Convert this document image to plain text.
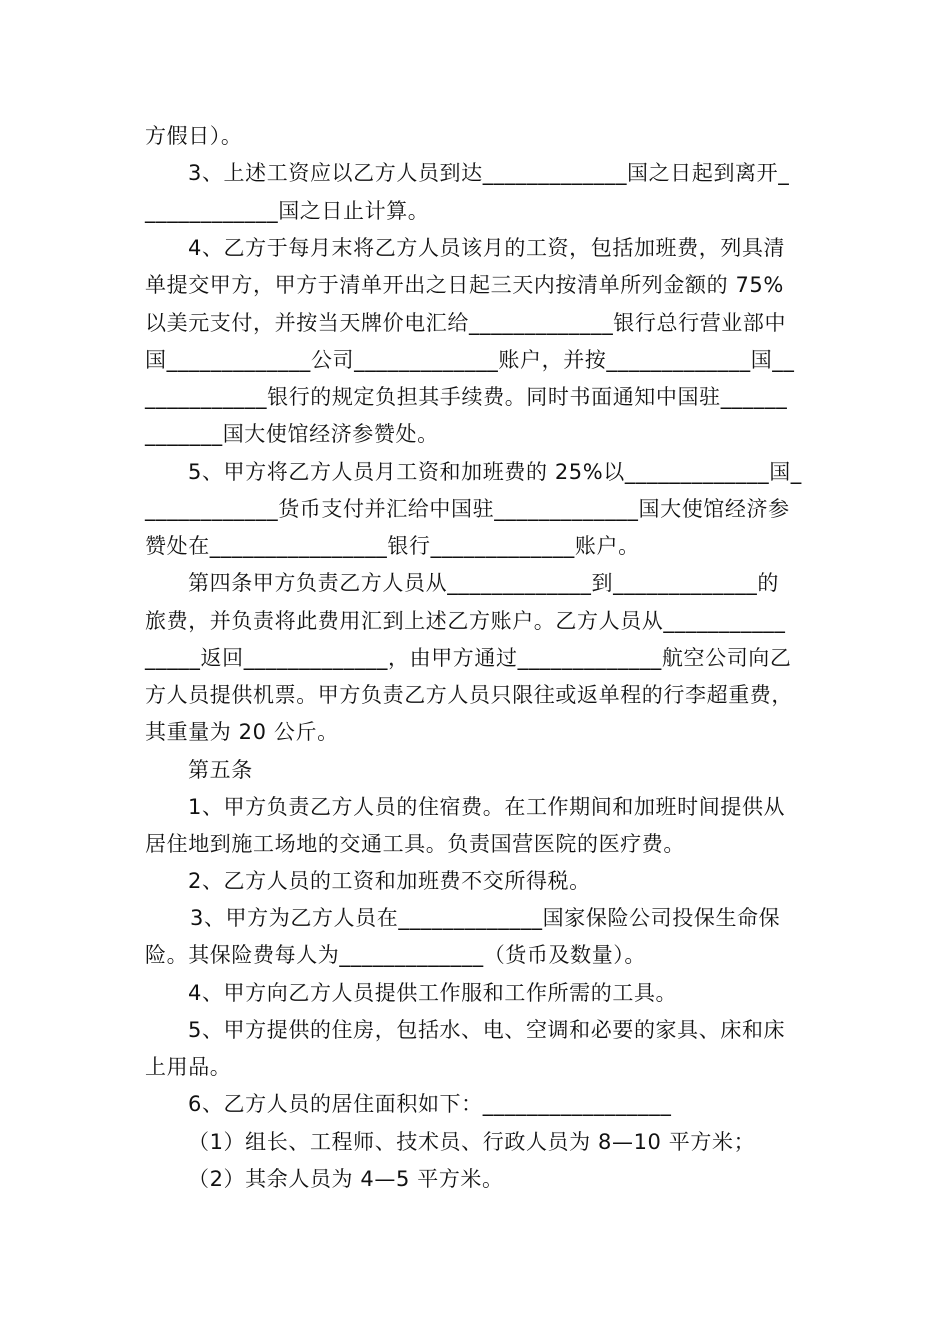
方假日）。
3、上述工资应以乙方人员到达_____________国之日起到离开_
____________国之日止计算。
4、乙方于每月末将乙方人员该月的工资，包括加班费，列具清
单提交甲方，甲方于清单开出之日起三天内按清单所列金额的 75%
以美元支付，并按当天牌价电汇给_____________银行总行营业部中
国_____________公司_____________账户，并按_____________国__
___________银行的规定负担其手续费。同时书面通知中国驻______
_______国大使馆经济参赞处。
5、甲方将乙方人员月工资和加班费的 25%以_____________国_
____________货币支付并汇给中国驻_____________国大使馆经济参
赞处在________________银行_____________账户。
第四条甲方负责乙方人员从_____________到_____________的
旅费，并负责将此费用汇到上述乙方账户。乙方人员从___________
_____返回_____________，由甲方通过_____________航空公司向乙
方人员提供机票。甲方负责乙方人员只限往或返单程的行李超重费，
其重量为 20 公斤。
第五条
1、甲方负责乙方人员的住宿费。在工作期间和加班时间提供从
居住地到施工场地的交通工具。负责国营医院的医疗费。
2、乙方人员的工资和加班费不交所得税。
3、甲方为乙方人员在_____________国家保险公司投保生命保
险。其保险费每人为_____________（货币及数量）。
4、甲方向乙方人员提供工作服和工作所需的工具。
5、甲方提供的住房，包括水、电、空调和必要的家具、床和床
上用品。
6、乙方人员的居住面积如下：_________________
（1）组长、工程师、技术员、行政人员为 8—10 平方米；
（2）其余人员为 4—5 平方米。
